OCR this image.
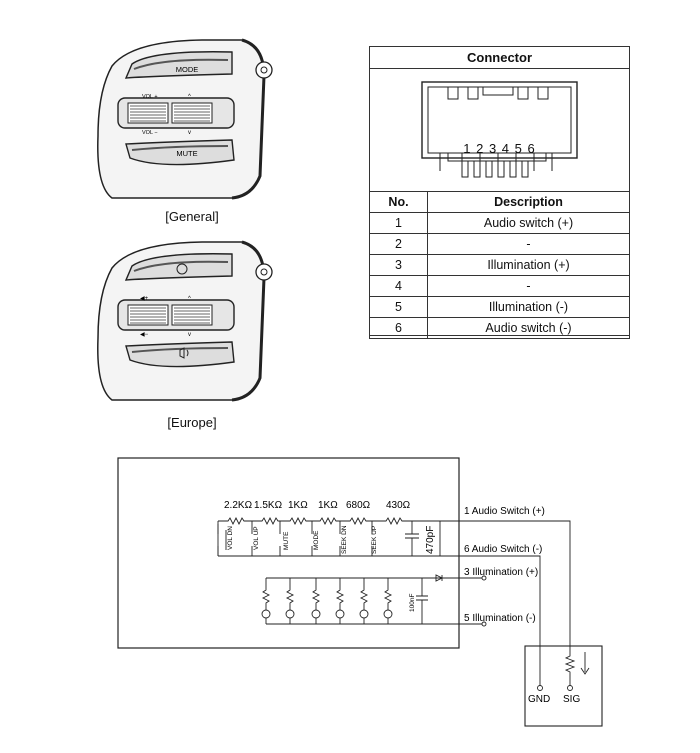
MODE
VOL +
VOL −
^
v
MUTE
[General]
◀+
◀−
^
v
[Europe]
Connector
1 2 3 4 5 6
No.	Description
1	Audio switch (+)
2	-
3	Illumination (+)
4	-
5	Illumination (-)
6	Audio switch (-)
2.2KΩ 1.5KΩ 1KΩ 1KΩ 680Ω 430Ω
VOL DN	VOL UP	MUTE	MODE	SEEK DN	SEEK UP	470pF
100nF
1 Audio Switch (+)
6 Audio Switch (-)
3 Illumination (+)
5 Illumination (-)
GND SIG
